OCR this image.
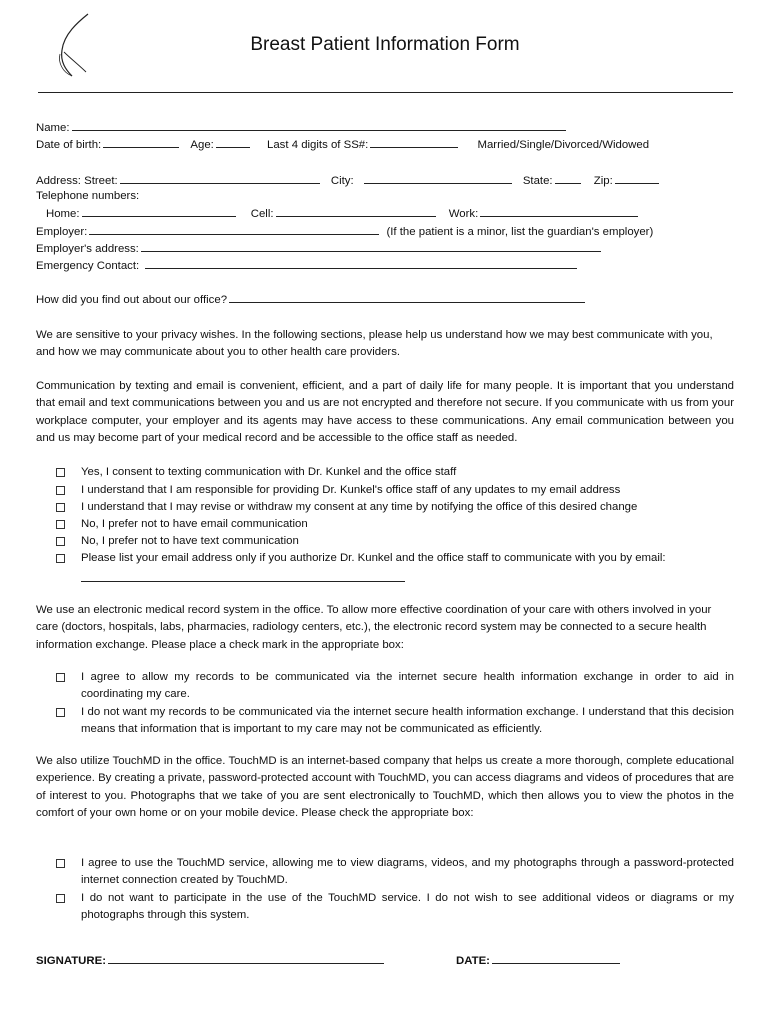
Breast Patient Information Form
Name:
Date of birth:	Age:	Last 4 digits of SS#:	Married/Single/Divorced/Widowed
Address: Street:	City:	State:	Zip:
Telephone numbers:
Home:	Cell:	Work:
Employer:	(If the patient is a minor, list the guardian's employer)
Employer's address:
Emergency Contact:
How did you find out about our office?
We are sensitive to your privacy wishes. In the following sections, please help us understand how we may best communicate with you, and how we may communicate about you to other health care providers.
Communication by texting and email is convenient, efficient, and a part of daily life for many people. It is important that you understand that email and text communications between you and us are not encrypted and therefore not secure. If you communicate with us from your workplace computer, your employer and its agents may have access to these communications. Any email communication between you and us may become part of your medical record and be accessible to the office staff as needed.
Yes, I consent to texting communication with Dr. Kunkel and the office staff
I understand that I am responsible for providing Dr. Kunkel's office staff of any updates to my email address
I understand that I may revise or withdraw my consent at any time by notifying the office of this desired change
No, I prefer not to have email communication
No, I prefer not to have text communication
Please list your email address only if you authorize Dr. Kunkel and the office staff to communicate with you by email:
We use an electronic medical record system in the office. To allow more effective coordination of your care with others involved in your care (doctors, hospitals, labs, pharmacies, radiology centers, etc.), the electronic record system may be connected to a secure health information exchange. Please place a check mark in the appropriate box:
I agree to allow my records to be communicated via the internet secure health information exchange in order to aid in coordinating my care.
I do not want my records to be communicated via the internet secure health information exchange. I understand that this decision means that information that is important to my care may not be communicated as efficiently.
We also utilize TouchMD in the office. TouchMD is an internet-based company that helps us create a more thorough, complete educational experience. By creating a private, password-protected account with TouchMD, you can access diagrams and videos of procedures that are of interest to you. Photographs that we take of you are sent electronically to TouchMD, which then allows you to view the photos in the comfort of your own home or on your mobile device. Please check the appropriate box:
I agree to use the TouchMD service, allowing me to view diagrams, videos, and my photographs through a password-protected internet connection created by TouchMD.
I do not want to participate in the use of the TouchMD service. I do not wish to see additional videos or diagrams or my photographs through this system.
SIGNATURE:	DATE:
